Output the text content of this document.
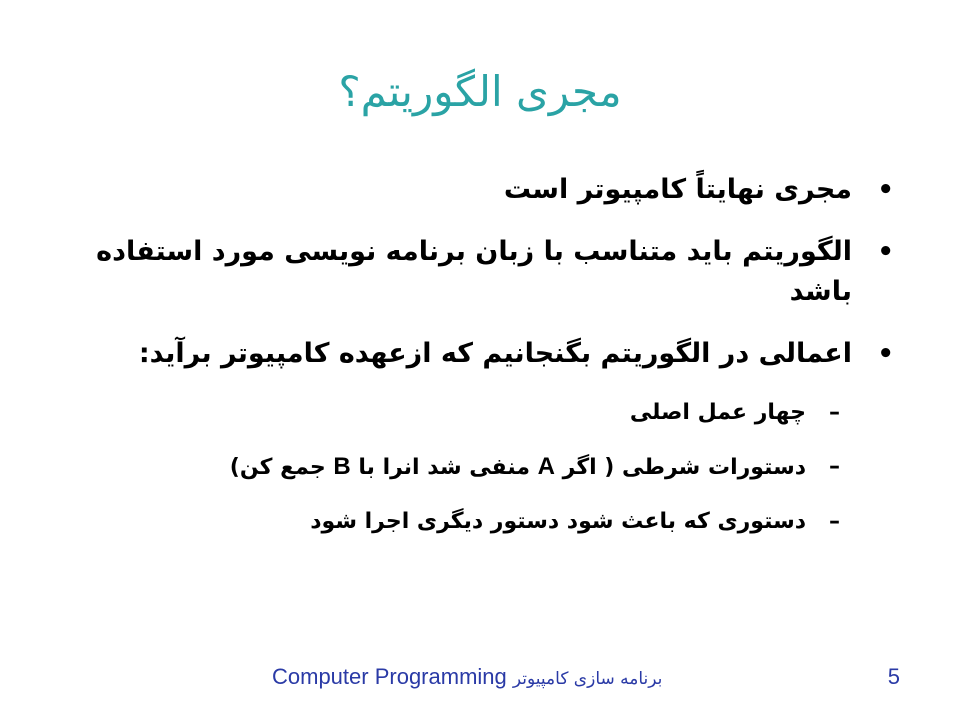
مجری الگوریتم؟
•
مجری نهایتاً کامپیوتر است
•
الگوریتم باید متناسب با زبان برنامه نویسی مورد استفاده باشد
•
اعمالی در الگوریتم بگنجانیم که ازعهده کامپیوتر برآید:
–
چهار عمل اصلی
–
دستورات شرطی ( اگر A منفی شد انرا با B جمع کن)
–
دستوری که باعث شود دستور دیگری اجرا شود
Computer Programming برنامه سازی کامپیوتر	5
